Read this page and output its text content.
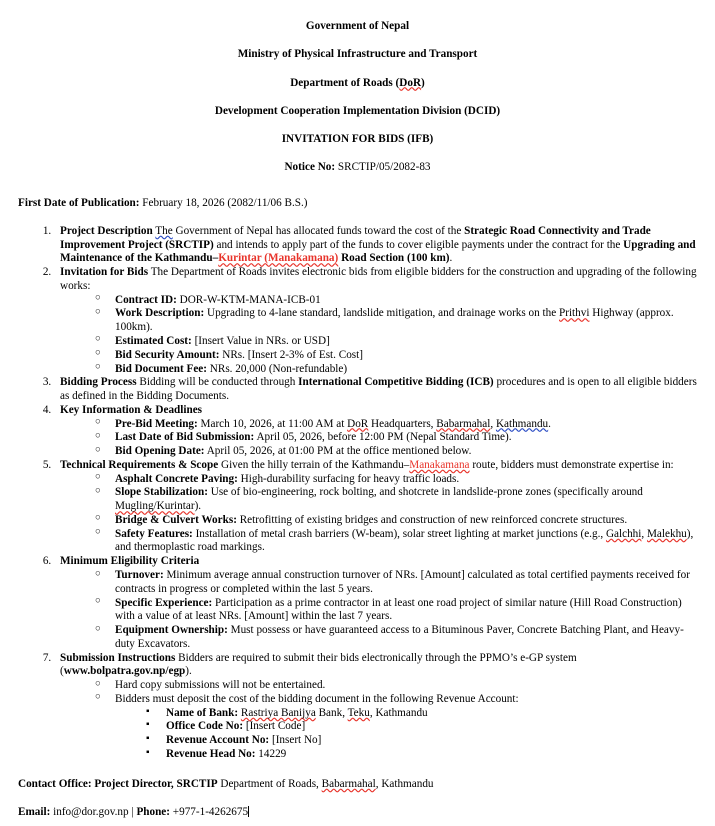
Government of Nepal
Ministry of Physical Infrastructure and Transport
Department of Roads (DoR)
Development Cooperation Implementation Division (DCID)
INVITATION FOR BIDS (IFB)
Notice No: SRCTIP/05/2082-83
First Date of Publication: February 18, 2026 (2082/11/06 B.S.)
1. Project Description The Government of Nepal has allocated funds toward the cost of the Strategic Road Connectivity and Trade Improvement Project (SRCTIP) and intends to apply part of the funds to cover eligible payments under the contract for the Upgrading and Maintenance of the Kathmandu–Kurintar (Manakamana) Road Section (100 km).
2. Invitation for Bids The Department of Roads invites electronic bids from eligible bidders for the construction and upgrading of the following works:
○ Contract ID: DOR-W-KTM-MANA-ICB-01
○ Work Description: Upgrading to 4-lane standard, landslide mitigation, and drainage works on the Prithvi Highway (approx. 100km).
○ Estimated Cost: [Insert Value in NRs. or USD]
○ Bid Security Amount: NRs. [Insert 2-3% of Est. Cost]
○ Bid Document Fee: NRs. 20,000 (Non-refundable)
3. Bidding Process Bidding will be conducted through International Competitive Bidding (ICB) procedures and is open to all eligible bidders as defined in the Bidding Documents.
4. Key Information & Deadlines
○ Pre-Bid Meeting: March 10, 2026, at 11:00 AM at DoR Headquarters, Babarmahal, Kathmandu.
○ Last Date of Bid Submission: April 05, 2026, before 12:00 PM (Nepal Standard Time).
○ Bid Opening Date: April 05, 2026, at 01:00 PM at the office mentioned below.
5. Technical Requirements & Scope Given the hilly terrain of the Kathmandu–Manakamana route, bidders must demonstrate expertise in:
○ Asphalt Concrete Paving: High-durability surfacing for heavy traffic loads.
○ Slope Stabilization: Use of bio-engineering, rock bolting, and shotcrete in landslide-prone zones (specifically around Mugling/Kurintar).
○ Bridge & Culvert Works: Retrofitting of existing bridges and construction of new reinforced concrete structures.
○ Safety Features: Installation of metal crash barriers (W-beam), solar street lighting at market junctions (e.g., Galchhi, Malekhu), and thermoplastic road markings.
6. Minimum Eligibility Criteria
○ Turnover: Minimum average annual construction turnover of NRs. [Amount] calculated as total certified payments received for contracts in progress or completed within the last 5 years.
○ Specific Experience: Participation as a prime contractor in at least one road project of similar nature (Hill Road Construction) with a value of at least NRs. [Amount] within the last 7 years.
○ Equipment Ownership: Must possess or have guaranteed access to a Bituminous Paver, Concrete Batching Plant, and Heavy-duty Excavators.
7. Submission Instructions Bidders are required to submit their bids electronically through the PPMO’s e-GP system (www.bolpatra.gov.np/egp).
○ Hard copy submissions will not be entertained.
○ Bidders must deposit the cost of the bidding document in the following Revenue Account:
▪ Name of Bank: Rastriya Banijya Bank, Teku, Kathmandu
▪ Office Code No: [Insert Code]
▪ Revenue Account No: [Insert No]
▪ Revenue Head No: 14229
Contact Office: Project Director, SRCTIP Department of Roads, Babarmahal, Kathmandu
Email: info@dor.gov.np | Phone: +977-1-4262675
